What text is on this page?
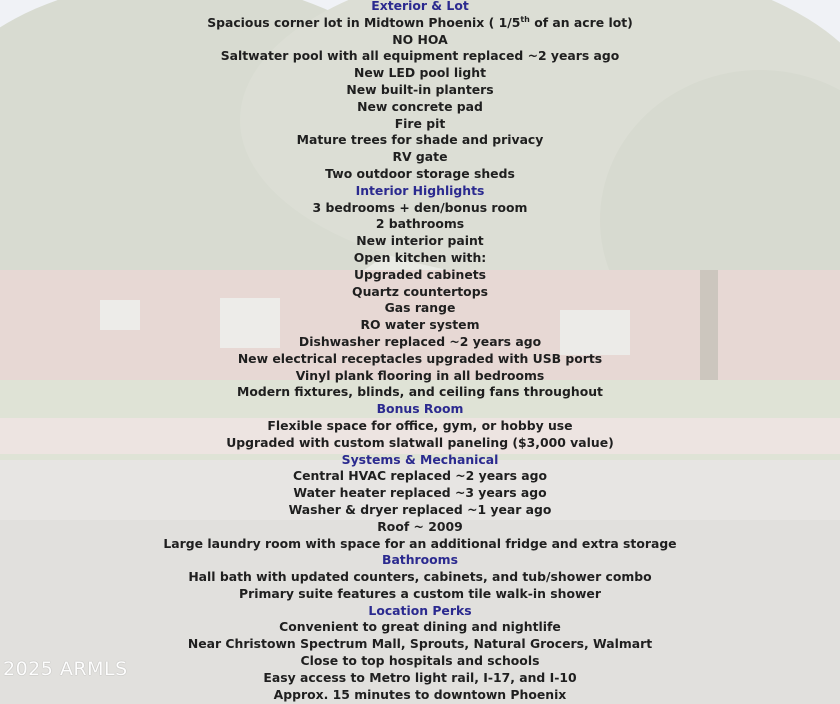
Exterior & Lot
Spacious corner lot in Midtown Phoenix ( 1/5th of an acre lot)
NO HOA
Saltwater pool with all equipment replaced ~2 years ago
New LED pool light
New built-in planters
New concrete pad
Fire pit
Mature trees for shade and privacy
RV gate
Two outdoor storage sheds
Interior Highlights
3 bedrooms + den/bonus room
2 bathrooms
New interior paint
Open kitchen with:
Upgraded cabinets
Quartz countertops
Gas range
RO water system
Dishwasher replaced ~2 years ago
New electrical receptacles upgraded with USB ports
Vinyl plank flooring in all bedrooms
Modern fixtures, blinds, and ceiling fans throughout
Bonus Room
Flexible space for office, gym, or hobby use
Upgraded with custom slatwall paneling ($3,000 value)
Systems & Mechanical
Central HVAC replaced ~2 years ago
Water heater replaced ~3 years ago
Washer & dryer replaced ~1 year ago
Roof ~ 2009
Large laundry room with space for an additional fridge and extra storage
Bathrooms
Hall bath with updated counters, cabinets, and tub/shower combo
Primary suite features a custom tile walk-in shower
Location Perks
Convenient to great dining and nightlife
Near Christown Spectrum Mall, Sprouts, Natural Grocers, Walmart
Close to top hospitals and schools
Easy access to Metro light rail, I-17, and I-10
Approx. 15 minutes to downtown Phoenix
2025 ARMLS
